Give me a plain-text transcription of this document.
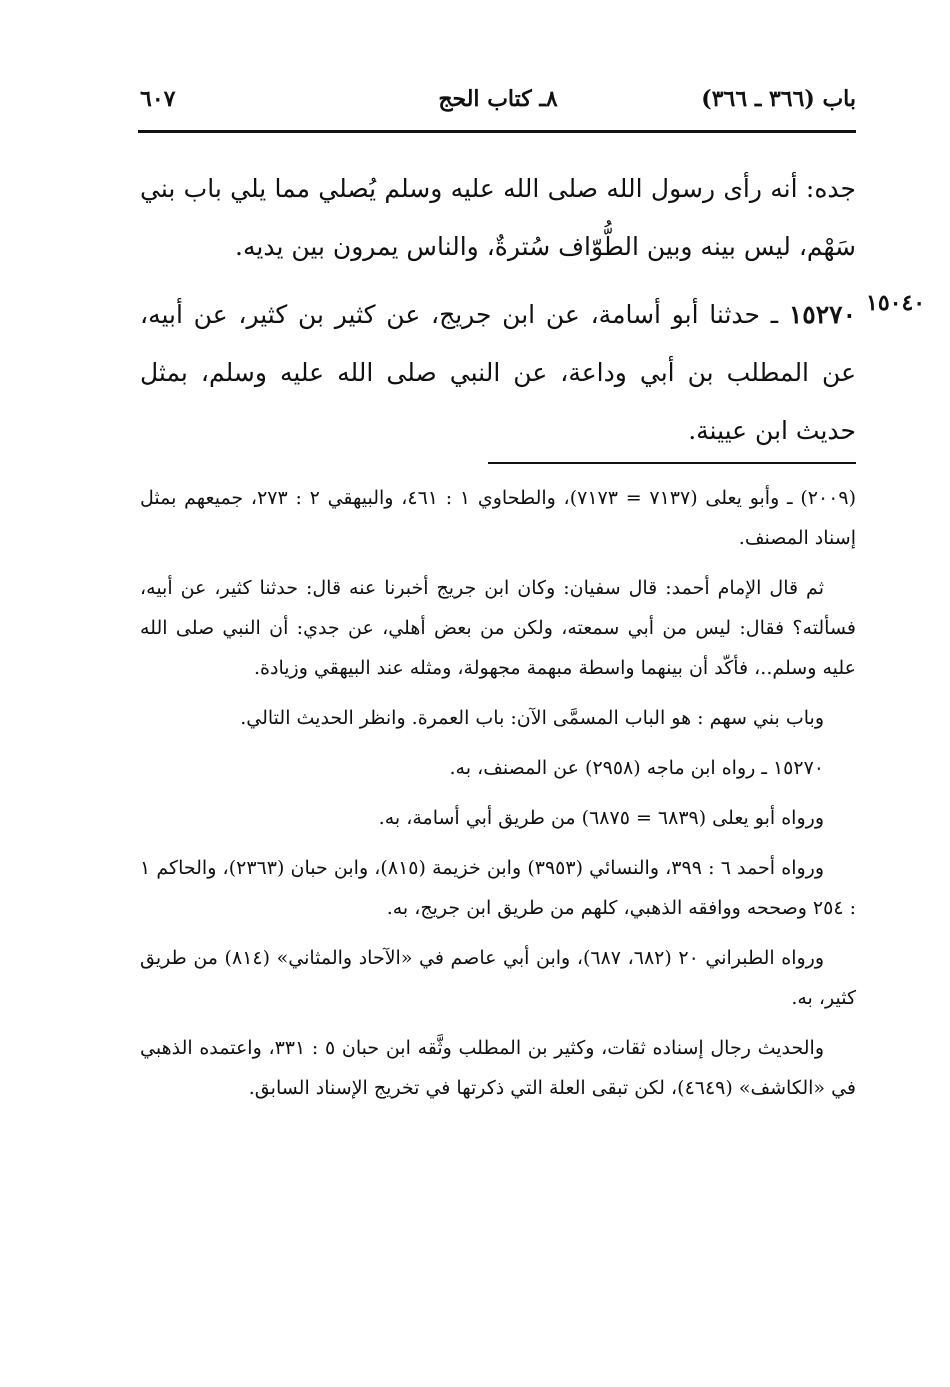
باب (٣٦٦ ـ ٣٦٦)
٨ـ كتاب الحج
٦٠٧
جده: أنه رأى رسول الله صلى الله عليه وسلم يُصلي مما يلي باب بني سَهْم، ليس بينه وبين الطُّوّاف سُترةٌ، والناس يمرون بين يديه.
١٥٢٧٠ ـ حدثنا أبو أسامة، عن ابن جريج، عن كثير بن كثير، عن أبيه، عن المطلب بن أبي وداعة، عن النبي صلى الله عليه وسلم، بمثل حديث ابن عيينة.
١٥٠٤٠

(٢٠٠٩) ـ وأبو يعلى (٧١٣٧ = ٧١٧٣)، والطحاوي ١ : ٤٦١، والبيهقي ٢ : ٢٧٣، جميعهم بمثل إسناد المصنف.

ثم قال الإمام أحمد: قال سفيان: وكان ابن جريج أخبرنا عنه قال: حدثنا كثير، عن أبيه، فسألته؟ فقال: ليس من أبي سمعته، ولكن من بعض أهلي، عن جدي: أن النبي صلى الله عليه وسلم..، فأكّد أن بينهما واسطة مبهمة مجهولة، ومثله عند البيهقي وزيادة.

وباب بني سهم : هو الباب المسمَّى الآن: باب العمرة. وانظر الحديث التالي.

١٥٢٧٠ ـ رواه ابن ماجه (٢٩٥٨) عن المصنف، به.

ورواه أبو يعلى (٦٨٣٩ = ٦٨٧٥) من طريق أبي أسامة، به.

ورواه أحمد ٦ : ٣٩٩، والنسائي (٣٩٥٣) وابن خزيمة (٨١٥)، وابن حبان (٢٣٦٣)، والحاكم ١ : ٢٥٤ وصححه ووافقه الذهبي، كلهم من طريق ابن جريج، به.

ورواه الطبراني ٢٠ (٦٨٢، ٦٨٧)، وابن أبي عاصم في «الآحاد والمثاني» (٨١٤) من طريق كثير، به.

والحديث رجال إسناده ثقات، وكثير بن المطلب وثَّقه ابن حبان ٥ : ٣٣١، واعتمده الذهبي في «الكاشف» (٤٦٤٩)، لكن تبقى العلة التي ذكرتها في تخريج الإسناد السابق.
